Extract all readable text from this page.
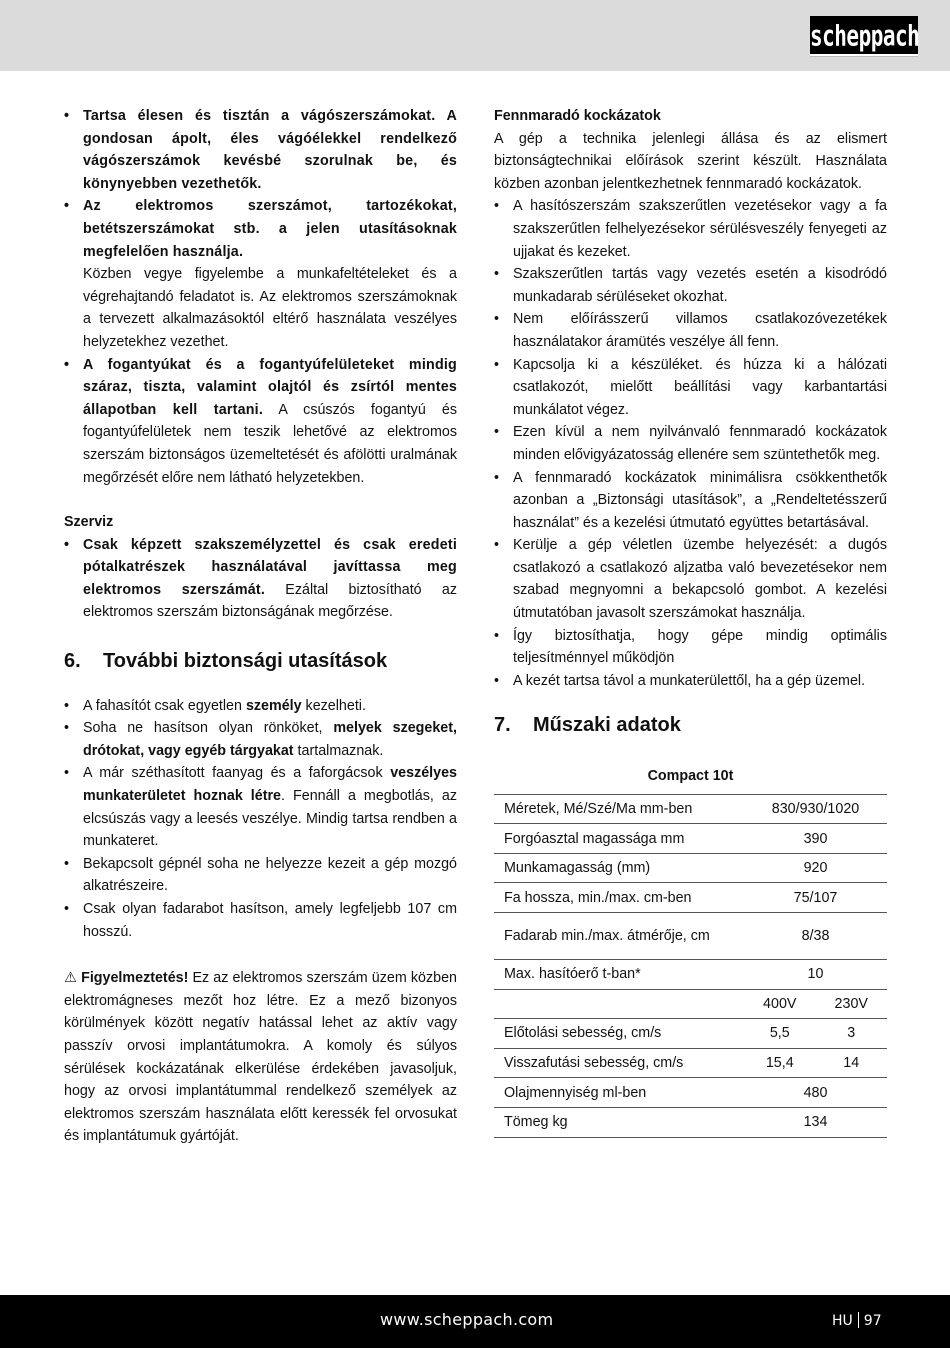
scheppach
• Tartsa élesen és tisztán a vágószerszámokat. A gondosan ápolt, éles vágóélekkel rendelkező vágószerszámok kevésbé szorulnak be, és könynyebben vezethetők.
• Az elektromos szerszámot, tartozékokat, betétszerszámokat stb. a jelen utasításoknak megfelelően használja.

Közben vegye figyelembe a munkafeltételeket és a végrehajtandó feladatot is. Az elektromos szerszámoknak a tervezett alkalmazásoktól eltérő használata veszélyes helyzetekhez vezethet.

• A fogantyúkat és a fogantyúfelületeket mindig száraz, tiszta, valamint olajtól és zsírtól mentes állapotban kell tartani. A csúszós fogantyú és fogantyúfelületek nem teszik lehetővé az elektromos szerszám biztonságos üzemeltetését és afölötti uralmának megőrzését előre nem látható helyzetekben.
Szerviz
• Csak képzett szakszemélyzettel és csak eredeti pótalkatrészek használatával javíttassa meg elektromos szerszámát. Ezáltal biztosítható az elektromos szerszám biztonságának megőrzése.
6.	További biztonsági utasítások
• A fahasítót csak egyetlen személy kezelheti.
• Soha ne hasítson olyan rönköket, melyek szegeket, drótokat, vagy egyéb tárgyakat tartalmaznak.
• A már széthasított faanyag és a faforgácsok veszélyes munkaterületet hoznak létre. Fennáll a megbotlás, az elcsúszás vagy a leesés veszélye. Mindig tartsa rendben a munkateret.
• Bekapcsolt gépnél soha ne helyezze kezeit a gép mozgó alkatrészeire.
• Csak olyan fadarabot hasítson, amely legfeljebb 107 cm hosszú.

⚠ Figyelmeztetés! Ez az elektromos szerszám üzem közben elektromágneses mezőt hoz létre. Ez a mező bizonyos körülmények között negatív hatással lehet az aktív vagy passzív orvosi implantátumokra. A komoly és súlyos sérülések kockázatának elkerülése érdekében javasoljuk, hogy az orvosi implantátummal rendelkező személyek az elektromos szerszám használata előtt keressék fel orvosukat és implantátumuk gyártóját.

Fennmaradó kockázatok

A gép a technika jelenlegi állása és az elismert biztonságtechnikai előírások szerint készült. Használata közben azonban jelentkezhetnek fennmaradó kockázatok.

• A hasítószerszám szakszerűtlen vezetésekor vagy a fa szakszerűtlen felhelyezésekor sérülésveszély fenyegeti az ujjakat és kezeket.
• Szakszerűtlen tartás vagy vezetés esetén a kisodródó munkadarab sérüléseket okozhat.
• Nem előírásszerű villamos csatlakozóvezetékek használatakor áramütés veszélye áll fenn.
• Kapcsolja ki a készüléket. és húzza ki a hálózati csatlakozót, mielőtt beállítási vagy karbantartási munkálatot végez.
• Ezen kívül a nem nyilvánvaló fennmaradó kockázatok minden elővigyázatosság ellenére sem szüntethetők meg.
• A fennmaradó kockázatok minimálisra csökkenthetők azonban a „Biztonsági utasítások”, a „Rendeltetésszerű használat” és a kezelési útmutató együttes betartásával.
• Kerülje a gép véletlen üzembe helyezését: a dugós csatlakozó a csatlakozó aljzatba való bevezetésekor nem szabad megnyomni a bekapcsoló gombot. A kezelési útmutatóban javasolt szerszámokat használja.
• Így biztosíthatja, hogy gépe mindig optimális teljesítménnyel működjön
• A kezét tartsa távol a munkaterülettől, ha a gép üzemel.
7.	Műszaki adatok
Compact 10t
Méretek, Mé/Szé/Ma mm-ben	830/930/1020	
Forgóasztal magassága mm	390	
Munkamagasság (mm)	920	
Fa hossza, min./max. cm-ben	75/107	
Fadarab min./max. átmérője, cm	8/38	
Max. hasítóerő t-ban*	10	
	400V	230V
Előtolási sebesség, cm/s	5,5	3
Visszafutási sebesség, cm/s	15,4	14
Olajmennyiség ml-ben	480	
Tömeg kg	134	
www.scheppach.com	HU 97
